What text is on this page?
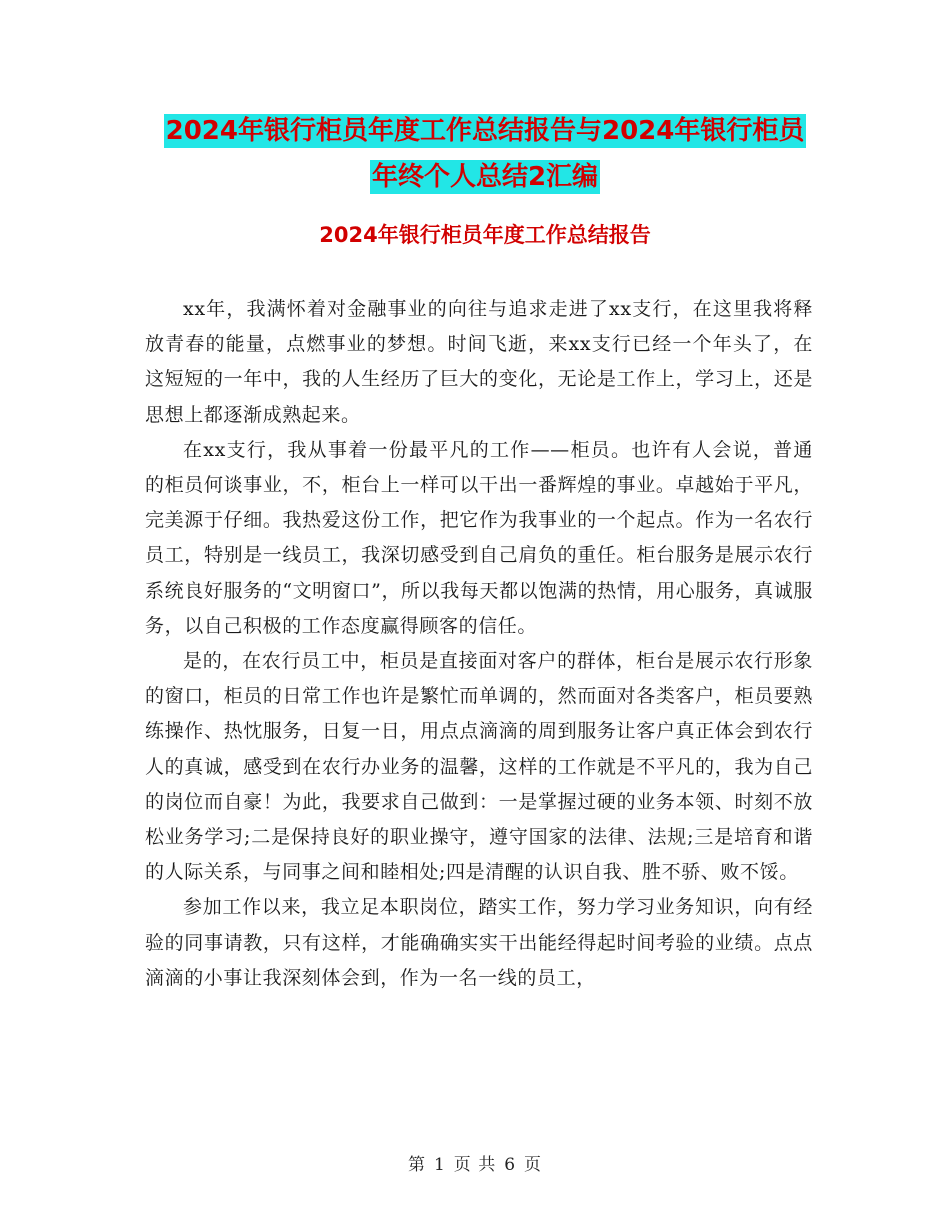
2024年银行柜员年度工作总结报告与2024年银行柜员
年终个人总结2汇编
2024年银行柜员年度工作总结报告

xx年，我满怀着对金融事业的向往与追求走进了xx支行，在这里我将释放青春的能量，点燃事业的梦想。时间飞逝，来xx支行已经一个年头了，在这短短的一年中，我的人生经历了巨大的变化，无论是工作上，学习上，还是思想上都逐渐成熟起来。

在xx支行，我从事着一份最平凡的工作——柜员。也许有人会说，普通的柜员何谈事业，不，柜台上一样可以干出一番辉煌的事业。卓越始于平凡，完美源于仔细。我热爱这份工作，把它作为我事业的一个起点。作为一名农行员工，特别是一线员工，我深切感受到自己肩负的重任。柜台服务是展示农行系统良好服务的“文明窗口”，所以我每天都以饱满的热情，用心服务，真诚服务，以自己积极的工作态度赢得顾客的信任。

是的，在农行员工中，柜员是直接面对客户的群体，柜台是展示农行形象的窗口，柜员的日常工作也许是繁忙而单调的，然而面对各类客户，柜员要熟练操作、热忱服务，日复一日，用点点滴滴的周到服务让客户真正体会到农行人的真诚，感受到在农行办业务的温馨，这样的工作就是不平凡的，我为自己的岗位而自豪！为此，我要求自己做到：一是掌握过硬的业务本领、时刻不放松业务学习;二是保持良好的职业操守，遵守国家的法律、法规;三是培育和谐的人际关系，与同事之间和睦相处;四是清醒的认识自我、胜不骄、败不馁。

参加工作以来，我立足本职岗位，踏实工作，努力学习业务知识，向有经验的同事请教，只有这样，才能确确实实干出能经得起时间考验的业绩。点点滴滴的小事让我深刻体会到，作为一名一线的员工，

第 1 页 共 6 页
